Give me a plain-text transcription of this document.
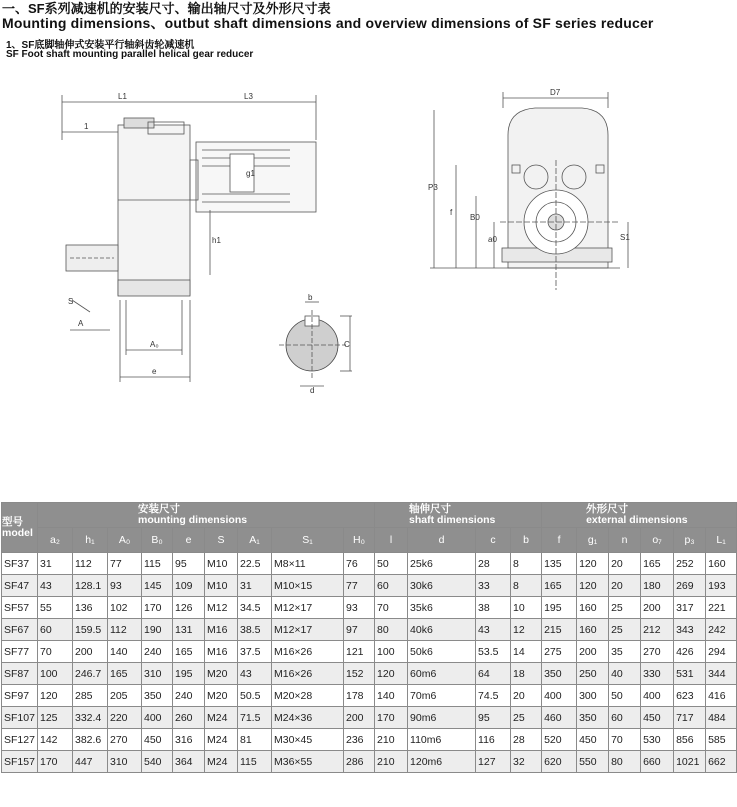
一、SF系列减速机的安装尺寸、输出轴尺寸及外形尺寸表
Mounting dimensions、outbut shaft dimensions and overview dimensions of SF series reducer
1、SF底脚轴伸式安装平行轴斜齿轮减速机
SF Foot shaft mounting parallel helical gear reducer
L1	L3
1
g1
h1
S
A
A₀
e
b
C
d
D7
P3
f
B0
a0	S1
型号
model	安装尺寸
mounting dimensions									轴伸尺寸
shaft dimensions				外形尺寸
external dimensions					
	a₂	h₁	A₀	B₀	e	S	A₁	S₁	H₀	l	d	c	b	f	g₁	n	o₇	p₃	L₁
SF37	31	112	77	115	95	M10	22.5	M8×11	76	50	25k6	28	8	135	120	20	165	252	160
SF47	43	128.1	93	145	109	M10	31	M10×15	77	60	30k6	33	8	165	120	20	180	269	193
SF57	55	136	102	170	126	M12	34.5	M12×17	93	70	35k6	38	10	195	160	25	200	317	221
SF67	60	159.5	112	190	131	M16	38.5	M12×17	97	80	40k6	43	12	215	160	25	212	343	242
SF77	70	200	140	240	165	M16	37.5	M16×26	121	100	50k6	53.5	14	275	200	35	270	426	294
SF87	100	246.7	165	310	195	M20	43	M16×26	152	120	60m6	64	18	350	250	40	330	531	344
SF97	120	285	205	350	240	M20	50.5	M20×28	178	140	70m6	74.5	20	400	300	50	400	623	416
SF107	125	332.4	220	400	260	M24	71.5	M24×36	200	170	90m6	95	25	460	350	60	450	717	484
SF127	142	382.6	270	450	316	M24	81	M30×45	236	210	110m6	116	28	520	450	70	530	856	585
SF157	170	447	310	540	364	M24	115	M36×55	286	210	120m6	127	32	620	550	80	660	1021	662
